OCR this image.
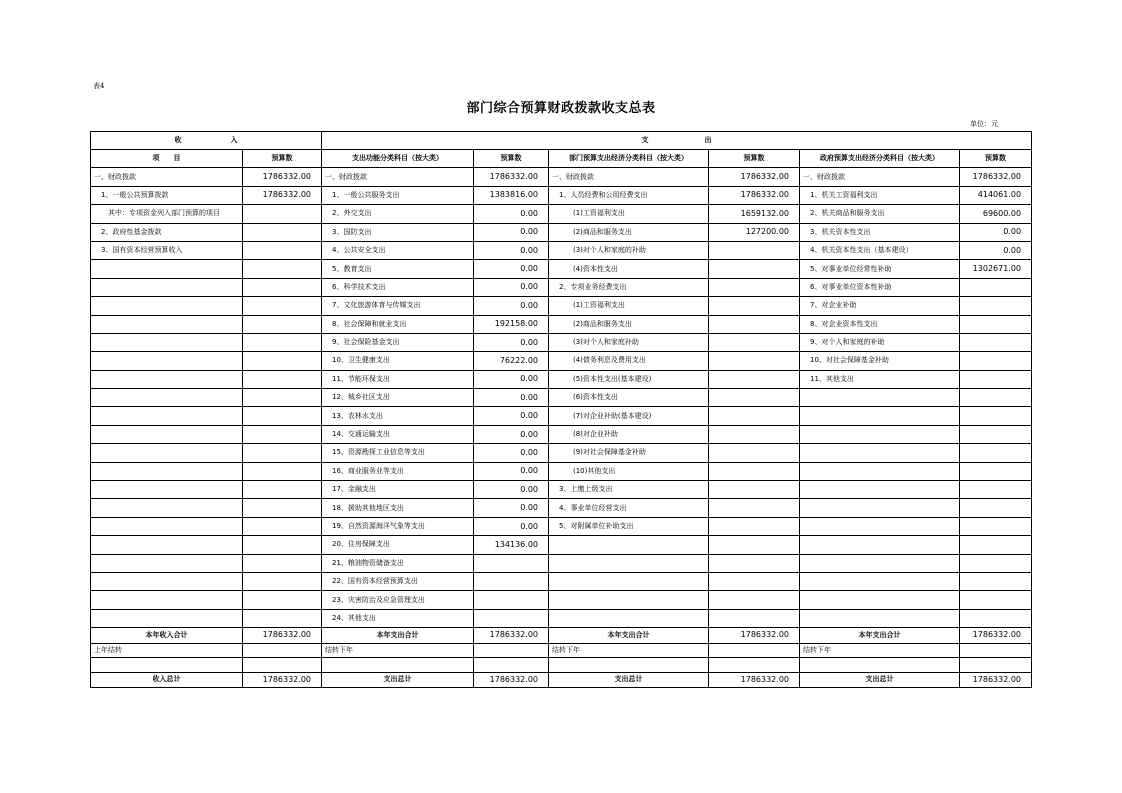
表4
部门综合预算财政拨款收支总表
单位：元
收　　　　　　　入		支　　　　　　　　出					
项　　目	预算数	支出功能分类科目（按大类）	预算数	部门预算支出经济分类科目（按大类）	预算数	政府预算支出经济分类科目（按大类）	预算数
一、财政拨款	1786332.00	一、财政拨款	1786332.00	一、财政拨款	1786332.00	一、财政拨款	1786332.00
　1、一般公共预算拨款	1786332.00	　1、一般公共服务支出	1383816.00	　1、人员经费和公用经费支出	1786332.00	　1、机关工资福利支出	414061.00
　　其中：专项资金列入部门预算的项目		　2、外交支出	0.00	　　　(1)工资福利支出	1659132.00	　2、机关商品和服务支出	69600.00
　2、政府性基金拨款		　3、国防支出	0.00	　　　(2)商品和服务支出	127200.00	　3、机关资本性支出	0.00
　3、国有资本经营预算收入		　4、公共安全支出	0.00	　　　(3)对个人和家庭的补助		　4、机关资本性支出（基本建设）	0.00
		　5、教育支出	0.00	　　　(4)资本性支出		　5、对事业单位经常性补助	1302671.00
		　6、科学技术支出	0.00	　2、专项业务经费支出		　6、对事业单位资本性补助	
		　7、文化旅游体育与传媒支出	0.00	　　　(1)工资福利支出		　7、对企业补助	
		　8、社会保障和就业支出	192158.00	　　　(2)商品和服务支出		　8、对企业资本性支出	
		　9、社会保险基金支出	0.00	　　　(3)对个人和家庭补助		　9、对个人和家庭的补助	
		　10、卫生健康支出	76222.00	　　　(4)债务利息及费用支出		　10、对社会保障基金补助	
		　11、节能环保支出	0.00	　　　(5)资本性支出(基本建设)		　11、其他支出	
		　12、城乡社区支出	0.00	　　　(6)资本性支出			
		　13、农林水支出	0.00	　　　(7)对企业补助(基本建设)			
		　14、交通运输支出	0.00	　　　(8)对企业补助			
		　15、资源勘探工业信息等支出	0.00	　　　(9)对社会保障基金补助			
		　16、商业服务业等支出	0.00	　　　(10)其他支出			
		　17、金融支出	0.00	　3、上缴上级支出			
		　18、援助其他地区支出	0.00	　4、事业单位经营支出			
		　19、自然资源海洋气象等支出	0.00	　5、对附属单位补助支出			
		　20、住房保障支出	134136.00				
		　21、粮油物资储备支出					
		　22、国有资本经营预算支出					
		　23、灾害防治及应急管理支出					
		　24、其他支出					
本年收入合计	1786332.00	本年支出合计	1786332.00	本年支出合计	1786332.00	本年支出合计	1786332.00
上年结转		结转下年		结转下年		结转下年	

收入总计	1786332.00	支出总计	1786332.00	支出总计	1786332.00	支出总计	1786332.00
